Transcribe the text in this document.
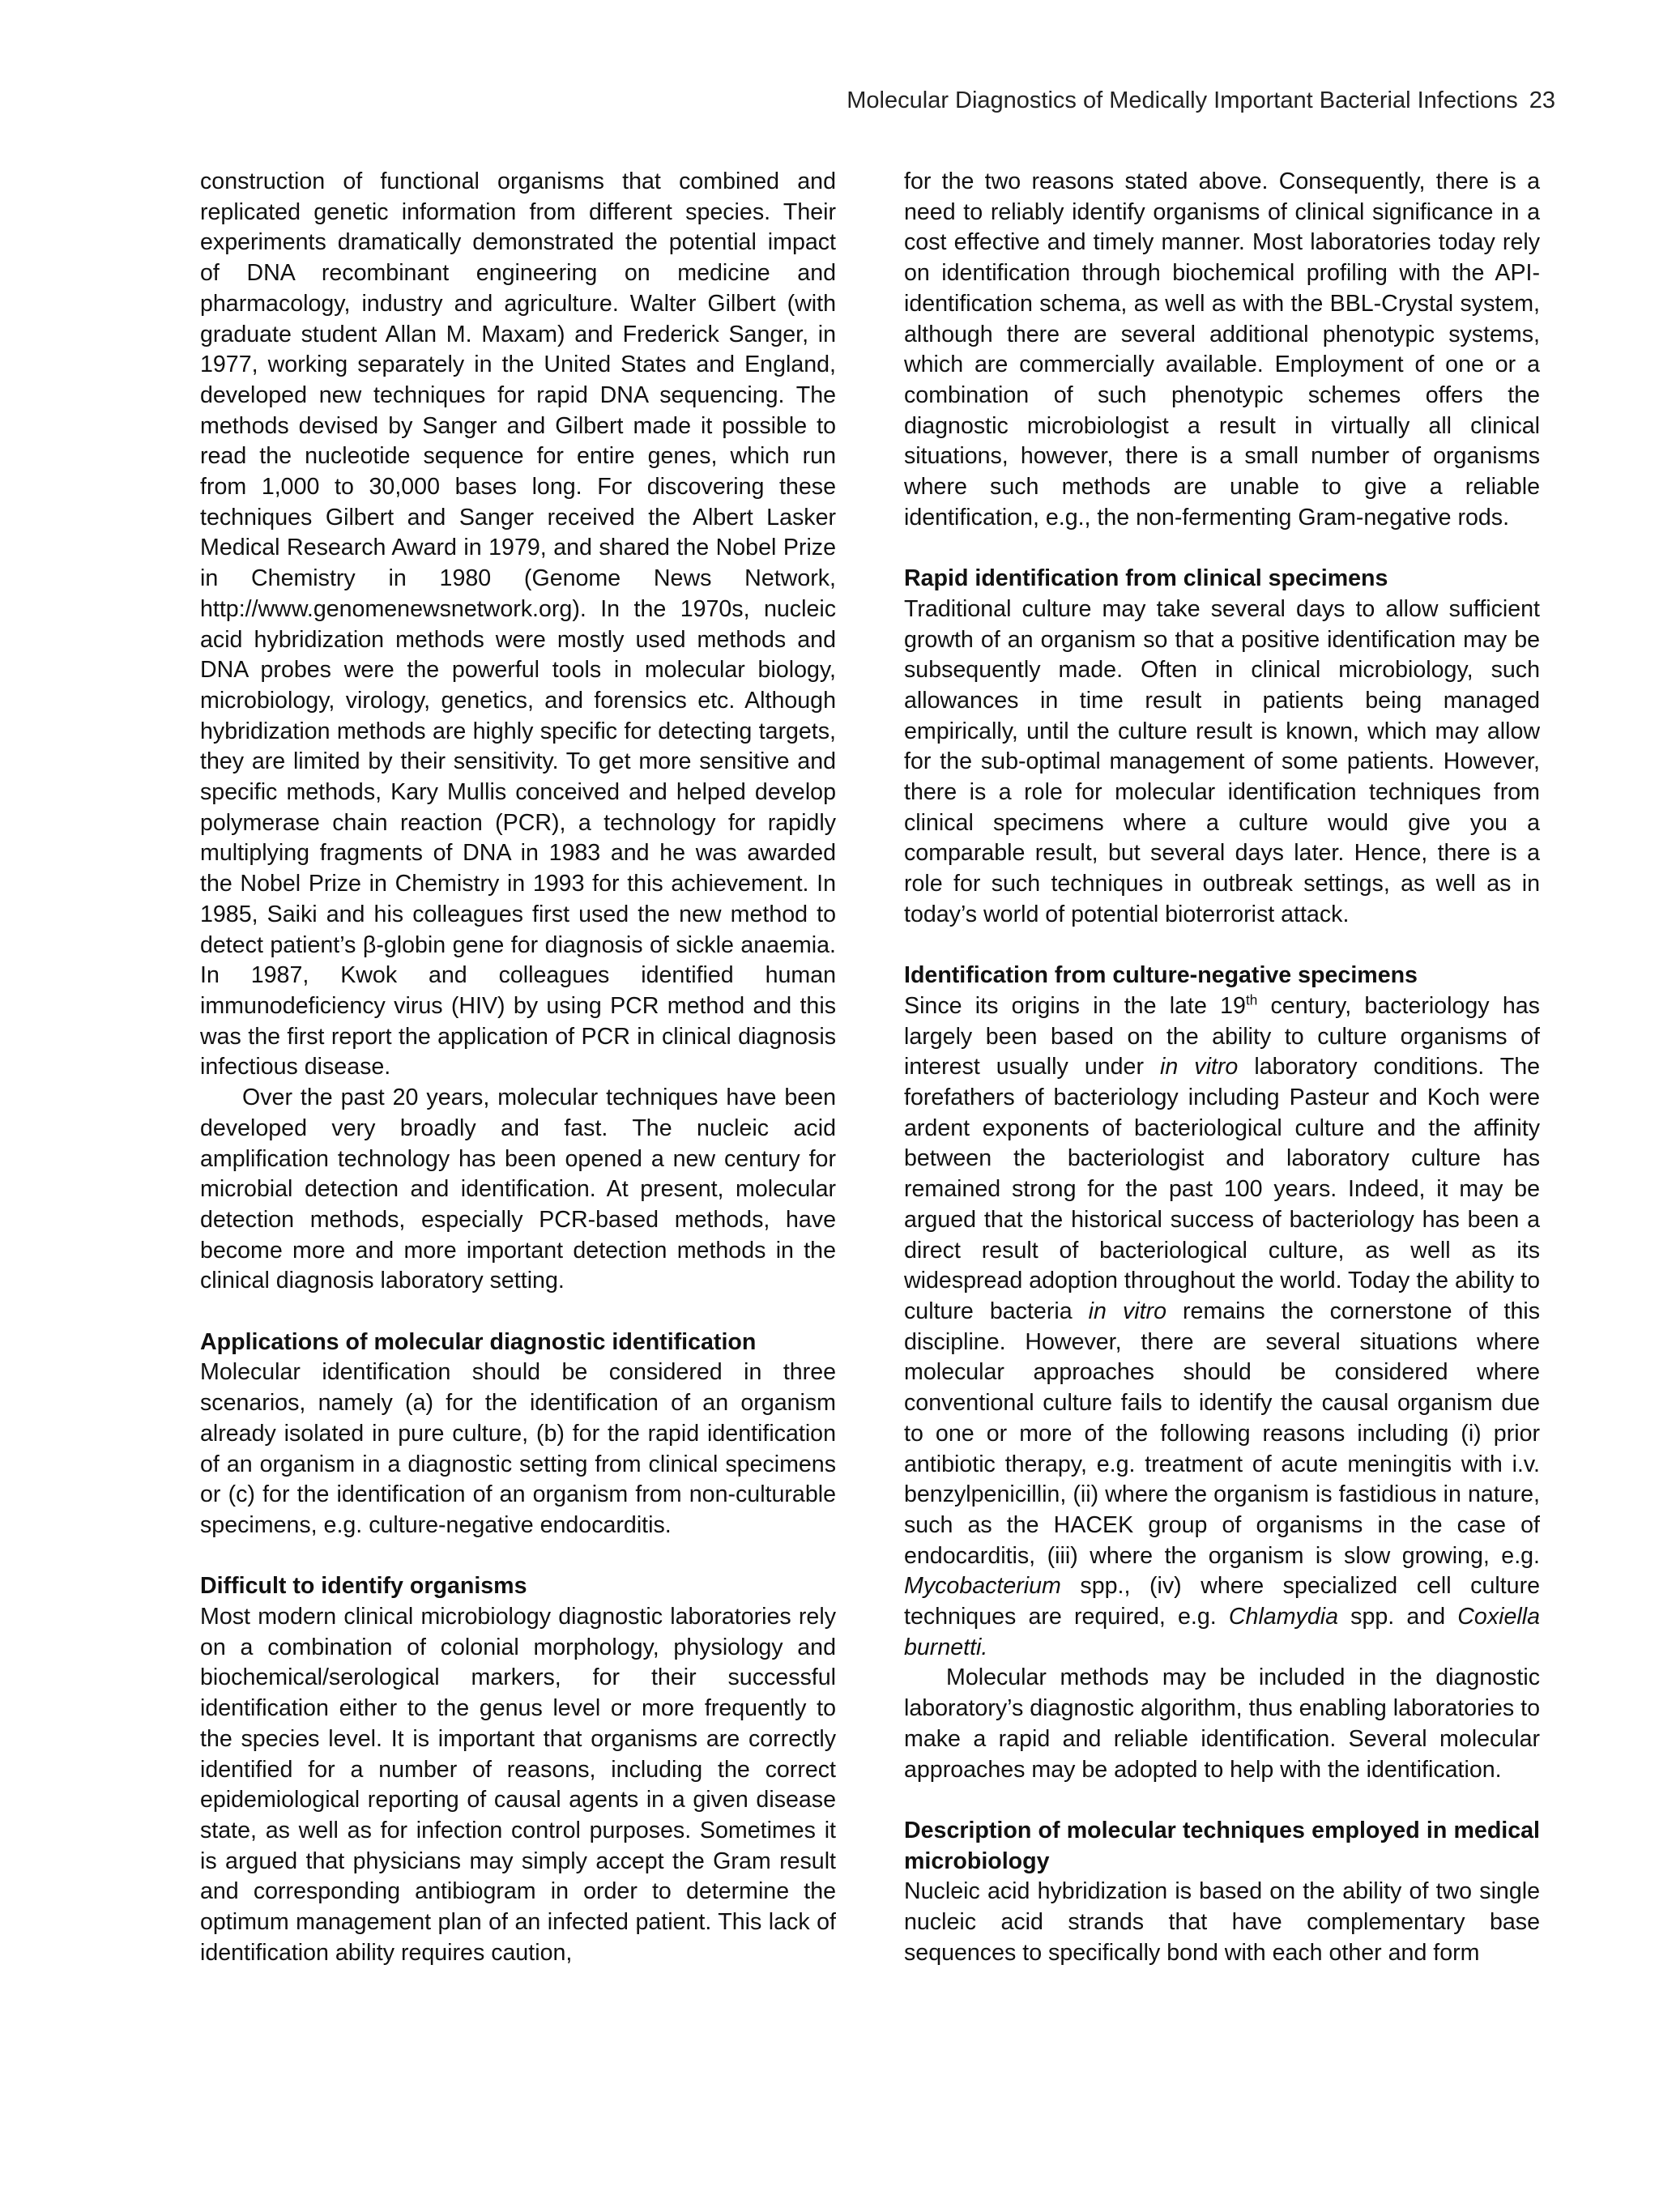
Molecular Diagnostics of Medically Important Bacterial Infections 23

construction of functional organisms that combined and replicated genetic information from different species. Their experiments dramatically demonstrated the potential impact of DNA recombinant engineering on medicine and pharmacology, industry and agriculture. Walter Gilbert (with graduate student Allan M. Maxam) and Frederick Sanger, in 1977, working separately in the United States and England, developed new techniques for rapid DNA sequencing. The methods devised by Sanger and Gilbert made it possible to read the nucleotide sequence for entire genes, which run from 1,000 to 30,000 bases long. For discovering these techniques Gilbert and Sanger received the Albert Lasker Medical Research Award in 1979, and shared the Nobel Prize in Chemistry in 1980 (Genome News Network, http://www.genomenewsnetwork.org). In the 1970s, nucleic acid hybridization methods were mostly used methods and DNA probes were the powerful tools in molecular biology, microbiology, virology, genetics, and forensics etc. Although hybridization methods are highly specific for detecting targets, they are limited by their sensitivity. To get more sensitive and specific methods, Kary Mullis conceived and helped develop polymerase chain reaction (PCR), a technology for rapidly multiplying fragments of DNA in 1983 and he was awarded the Nobel Prize in Chemistry in 1993 for this achievement. In 1985, Saiki and his colleagues first used the new method to detect patient’s β-globin gene for diagnosis of sickle anaemia. In 1987, Kwok and colleagues identified human immunodeficiency virus (HIV) by using PCR method and this was the first report the application of PCR in clinical diagnosis infectious disease.

Over the past 20 years, molecular techniques have been developed very broadly and fast. The nucleic acid amplification technology has been opened a new century for microbial detection and identification. At present, molecular detection methods, especially PCR-based methods, have become more and more important detection methods in the clinical diagnosis laboratory setting.

Applications of molecular diagnostic identification

Molecular identification should be considered in three scenarios, namely (a) for the identification of an organism already isolated in pure culture, (b) for the rapid identification of an organism in a diagnostic setting from clinical specimens or (c) for the identification of an organism from non-culturable specimens, e.g. culture-negative endocarditis.

Difficult to identify organisms

Most modern clinical microbiology diagnostic laboratories rely on a combination of colonial morphology, physiology and biochemical/serological markers, for their successful identification either to the genus level or more frequently to the species level. It is important that organisms are correctly identified for a number of reasons, including the correct epidemiological reporting of causal agents in a given disease state, as well as for infection control purposes. Sometimes it is argued that physicians may simply accept the Gram result and corresponding antibiogram in order to determine the optimum management plan of an infected patient. This lack of identification ability requires caution,

for the two reasons stated above. Consequently, there is a need to reliably identify organisms of clinical significance in a cost effective and timely manner. Most laboratories today rely on identification through biochemical profiling with the API-identification schema, as well as with the BBL-Crystal system, although there are several additional phenotypic systems, which are commercially available. Employment of one or a combination of such phenotypic schemes offers the diagnostic microbiologist a result in virtually all clinical situations, however, there is a small number of organisms where such methods are unable to give a reliable identification, e.g., the non-fermenting Gram-negative rods.

Rapid identification from clinical specimens

Traditional culture may take several days to allow sufficient growth of an organism so that a positive identification may be subsequently made. Often in clinical microbiology, such allowances in time result in patients being managed empirically, until the culture result is known, which may allow for the sub-optimal management of some patients. However, there is a role for molecular identification techniques from clinical specimens where a culture would give you a comparable result, but several days later. Hence, there is a role for such techniques in outbreak settings, as well as in today’s world of potential bioterrorist attack.

Identification from culture-negative specimens

Since its origins in the late 19th century, bacteriology has largely been based on the ability to culture organisms of interest usually under in vitro laboratory conditions. The forefathers of bacteriology including Pasteur and Koch were ardent exponents of bacteriological culture and the affinity between the bacteriologist and laboratory culture has remained strong for the past 100 years. Indeed, it may be argued that the historical success of bacteriology has been a direct result of bacteriological culture, as well as its widespread adoption throughout the world. Today the ability to culture bacteria in vitro remains the cornerstone of this discipline. However, there are several situations where molecular approaches should be considered where conventional culture fails to identify the causal organism due to one or more of the following reasons including (i) prior antibiotic therapy, e.g. treatment of acute meningitis with i.v. benzylpenicillin, (ii) where the organism is fastidious in nature, such as the HACEK group of organisms in the case of endocarditis, (iii) where the organism is slow growing, e.g. Mycobacterium spp., (iv) where specialized cell culture techniques are required, e.g. Chlamydia spp. and Coxiella burnetti.

Molecular methods may be included in the diagnostic laboratory’s diagnostic algorithm, thus enabling laboratories to make a rapid and reliable identification. Several molecular approaches may be adopted to help with the identification.

Description of molecular techniques employed in medical microbiology

Nucleic acid hybridization is based on the ability of two single nucleic acid strands that have complementary base sequences to specifically bond with each other and form
